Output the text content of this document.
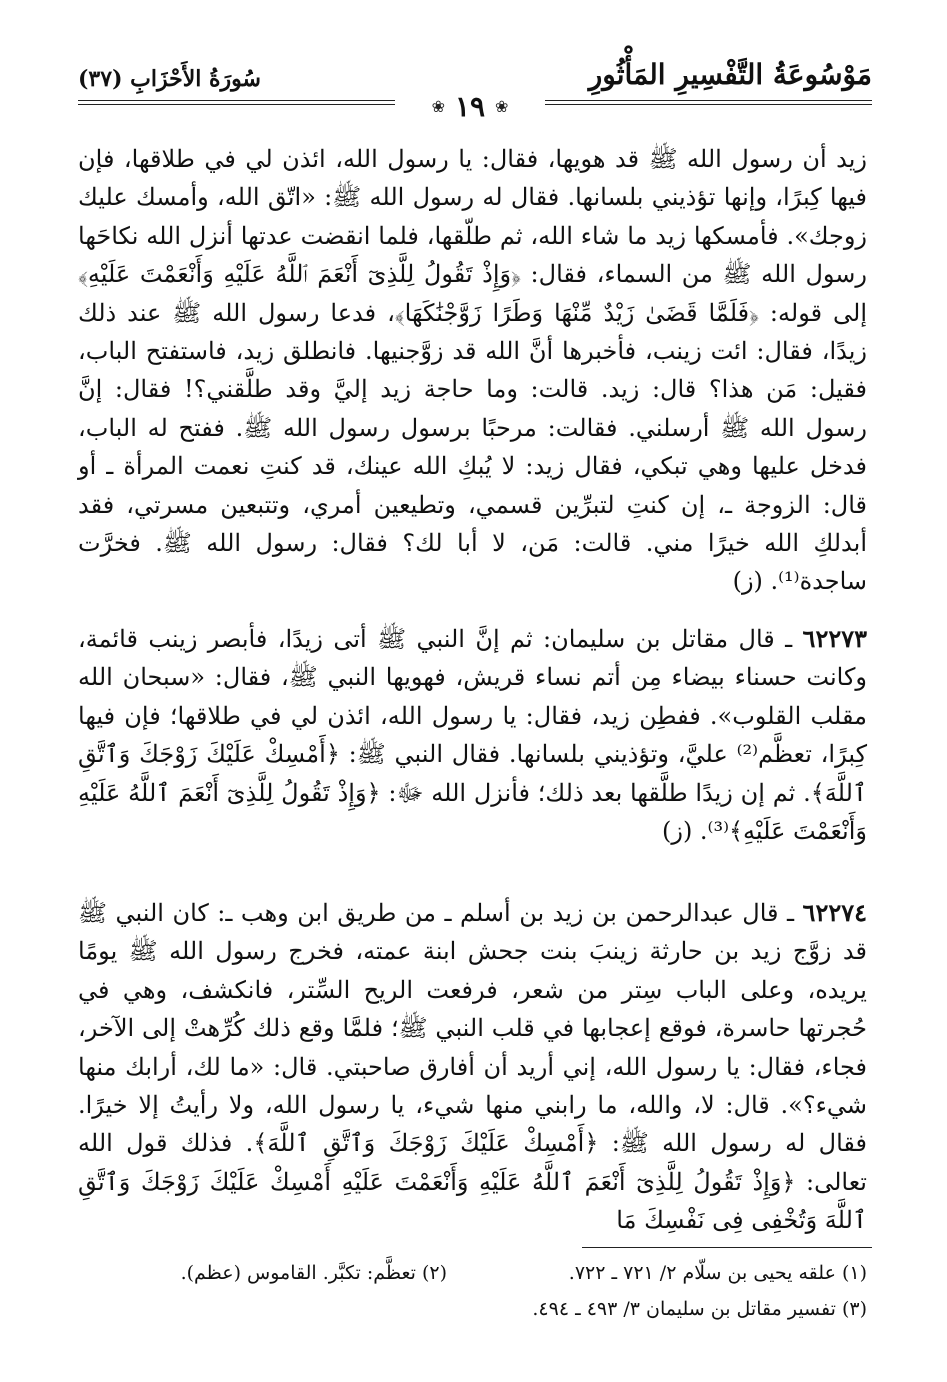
مَوْسُوعَةُ التَّفْسِيرِ المَأْثُورِ
سُورَةُ الأَحْزَابِ (٣٧)
❀
١٩
❀

زيد أن رسول الله ﷺ قد هويها، فقال: يا رسول الله، ائذن لي في طلاقها، فإن فيها كِبرًا، وإنها تؤذيني بلسانها. فقال له رسول الله ﷺ: «اتّق الله، وأمسك عليك زوجك». فأمسكها زيد ما شاء الله، ثم طلّقها، فلما انقضت عدتها أنزل الله نكاحَها رسول الله ﷺ من السماء، فقال: ﴿وَإِذْ تَقُولُ لِلَّذِىٓ أَنْعَمَ ٱللَّهُ عَلَيْهِ وَأَنْعَمْتَ عَلَيْهِ﴾ إلى قوله: ﴿فَلَمَّا قَضَىٰ زَيْدٌ مِّنْهَا وَطَرًا زَوَّجْنَٰكَهَا﴾، فدعا رسول الله ﷺ عند ذلك زيدًا، فقال: ائت زينب، فأخبرها أنَّ الله قد زوَّجنيها. فانطلق زيد، فاستفتح الباب، فقيل: مَن هذا؟ قال: زيد. قالت: وما حاجة زيد إليَّ وقد طلَّقني؟! فقال: إنَّ رسول الله ﷺ أرسلني. فقالت: مرحبًا برسول رسول الله ﷺ. ففتح له الباب، فدخل عليها وهي تبكي، فقال زيد: لا يُبكِ الله عينك، قد كنتِ نعمت المرأة ـ أو قال: الزوجة ـ، إن كنتِ لتبرِّين قسمي، وتطيعين أمري، وتتبعين مسرتي، فقد أبدلكِ الله خيرًا مني. قالت: مَن، لا أبا لك؟ فقال: رسول الله ﷺ. فخرَّت ساجدة⁽¹⁾. (ز)

٦٢٢٧٣ ـ قال مقاتل بن سليمان: ثم إنَّ النبي ﷺ أتى زيدًا، فأبصر زينب قائمة، وكانت حسناء بيضاء مِن أتم نساء قريش، فهويها النبي ﷺ، فقال: «سبحان الله مقلب القلوب». ففطِن زيد، فقال: يا رسول الله، ائذن لي في طلاقها؛ فإن فيها كِبرًا، تعظَّم⁽²⁾ عليَّ، وتؤذيني بلسانها. فقال النبي ﷺ: ﴿أَمْسِكْ عَلَيْكَ زَوْجَكَ وَٱتَّقِ ٱللَّهَ﴾. ثم إن زيدًا طلَّقها بعد ذلك؛ فأنزل الله ﷻ: ﴿وَإِذْ تَقُولُ لِلَّذِىٓ أَنْعَمَ ٱللَّهُ عَلَيْهِ وَأَنْعَمْتَ عَلَيْهِ﴾⁽³⁾. (ز)

٦٢٢٧٤ ـ قال عبدالرحمن بن زيد بن أسلم ـ من طريق ابن وهب ـ: كان النبي ﷺ قد زوَّج زيد بن حارثة زينبَ بنت جحش ابنة عمته، فخرج رسول الله ﷺ يومًا يريده، وعلى الباب سِتر من شعر، فرفعت الريح السِّتر، فانكشف، وهي في حُجرتها حاسرة، فوقع إعجابها في قلب النبي ﷺ؛ فلمَّا وقع ذلك كُرِّهتْ إلى الآخر، فجاء، فقال: يا رسول الله، إني أريد أن أفارق صاحبتي. قال: «ما لك، أرابك منها شيء؟». قال: لا، والله، ما رابني منها شيء، يا رسول الله، ولا رأيتُ إلا خيرًا. فقال له رسول الله ﷺ: ﴿أَمْسِكْ عَلَيْكَ زَوْجَكَ وَٱتَّقِ ٱللَّهَ﴾. فذلك قول الله تعالى: ﴿وَإِذْ تَقُولُ لِلَّذِىٓ أَنْعَمَ ٱللَّهُ عَلَيْهِ وَأَنْعَمْتَ عَلَيْهِ أَمْسِكْ عَلَيْكَ زَوْجَكَ وَٱتَّقِ ٱللَّهَ وَتُخْفِى فِى نَفْسِكَ مَا

(١) علقه يحيى بن سلّام ٢/ ٧٢١ ـ ٧٢٢.
(٢) تعظَّم: تكبَّر. القاموس (عظم).
(٣) تفسير مقاتل بن سليمان ٣/ ٤٩٣ ـ ٤٩٤.
